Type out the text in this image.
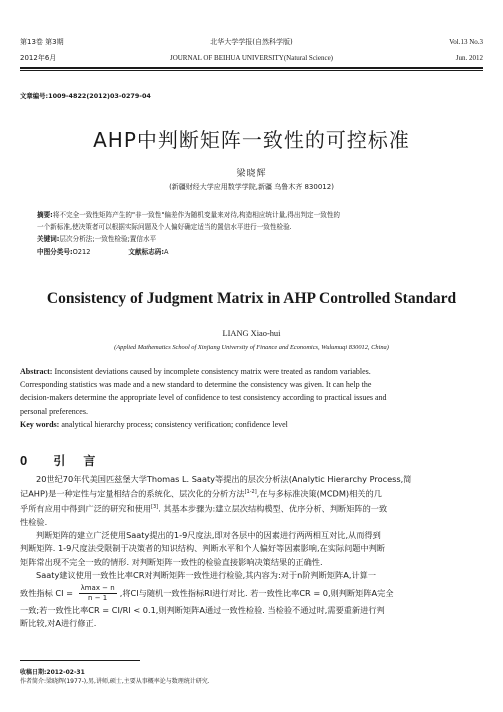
第13卷 第3期
2012年6月
北华大学学报(自然科学版)
JOURNAL OF BEIHUA UNIVERSITY(Natural Science)
Vol.13 No.3
Jun. 2012
文章编号:1009-4822(2012)03-0279-04
AHP中判断矩阵一致性的可控标准
梁晓辉
(新疆财经大学应用数学学院,新疆 乌鲁木齐 830012)
摘要:将不完全一致性矩阵产生的"非一致性"偏差作为随机变量来对待,构造相应统计量,得出判定一致性的
一个新标准,使决策者可以根据实际问题及个人偏好确定适当的置信水平进行一致性检验.
关键词:层次分析法;一致性检验;置信水平
中图分类号:O212	文献标志码:A
Consistency of Judgment Matrix in AHP Controlled Standard
LIANG Xiao-hui
(Applied Mathematics School of Xinjiang University of Finance and Economics, Wulumuqi 830012, China)
Abstract: Inconsistent deviations caused by incomplete consistency matrix were treated as random variables.
Corresponding statistics was made and a new standard to determine the consistency was given. It can help the
decision-makers determine the appropriate level of confidence to test consistency according to practical issues and
personal preferences.
Key words: analytical hierarchy process; consistency verification; confidence level
0 引言
20世纪70年代美国匹兹堡大学Thomas L. Saaty等提出的层次分析法(Analytic Hierarchy Process,简
记AHP)是一种定性与定量相结合的系统化、层次化的分析方法[1-2],在与多标准决策(MCDM)相关的几
乎所有应用中得到广泛的研究和使用[3]. 其基本步骤为:建立层次结构模型、优序分析、判断矩阵的一致
性检验.
判断矩阵的建立广泛使用Saaty提出的1-9尺度法,即对各层中的因素进行两两相互对比,从而得到
判断矩阵. 1-9尺度法受限制于决策者的知识结构、判断水平和个人偏好等因素影响,在实际问题中判断
矩阵常出现不完全一致的情形. 对判断矩阵一致性的检验直接影响决策结果的正确性.
Saaty建议使用一致性比率CR对判断矩阵一致性进行检验,其内容为:对于n阶判断矩阵A,计算一
致性指标 CI = $\frac{\lambda\max - n}{n - 1}$ ,将CI与随机一致性指标RI进行对比. 若一致性比率CR = 0,则判断矩阵A完全
一致;若一致性比率CR = CI/RI < 0.1,则判断矩阵A通过一致性检验. 当检验不通过时,需要重新进行判
断比较,对A进行修正.
收稿日期:2012-02-31
作者简介:梁晓辉(1977-),男,讲师,硕士,主要从事概率论与数理统计研究.
